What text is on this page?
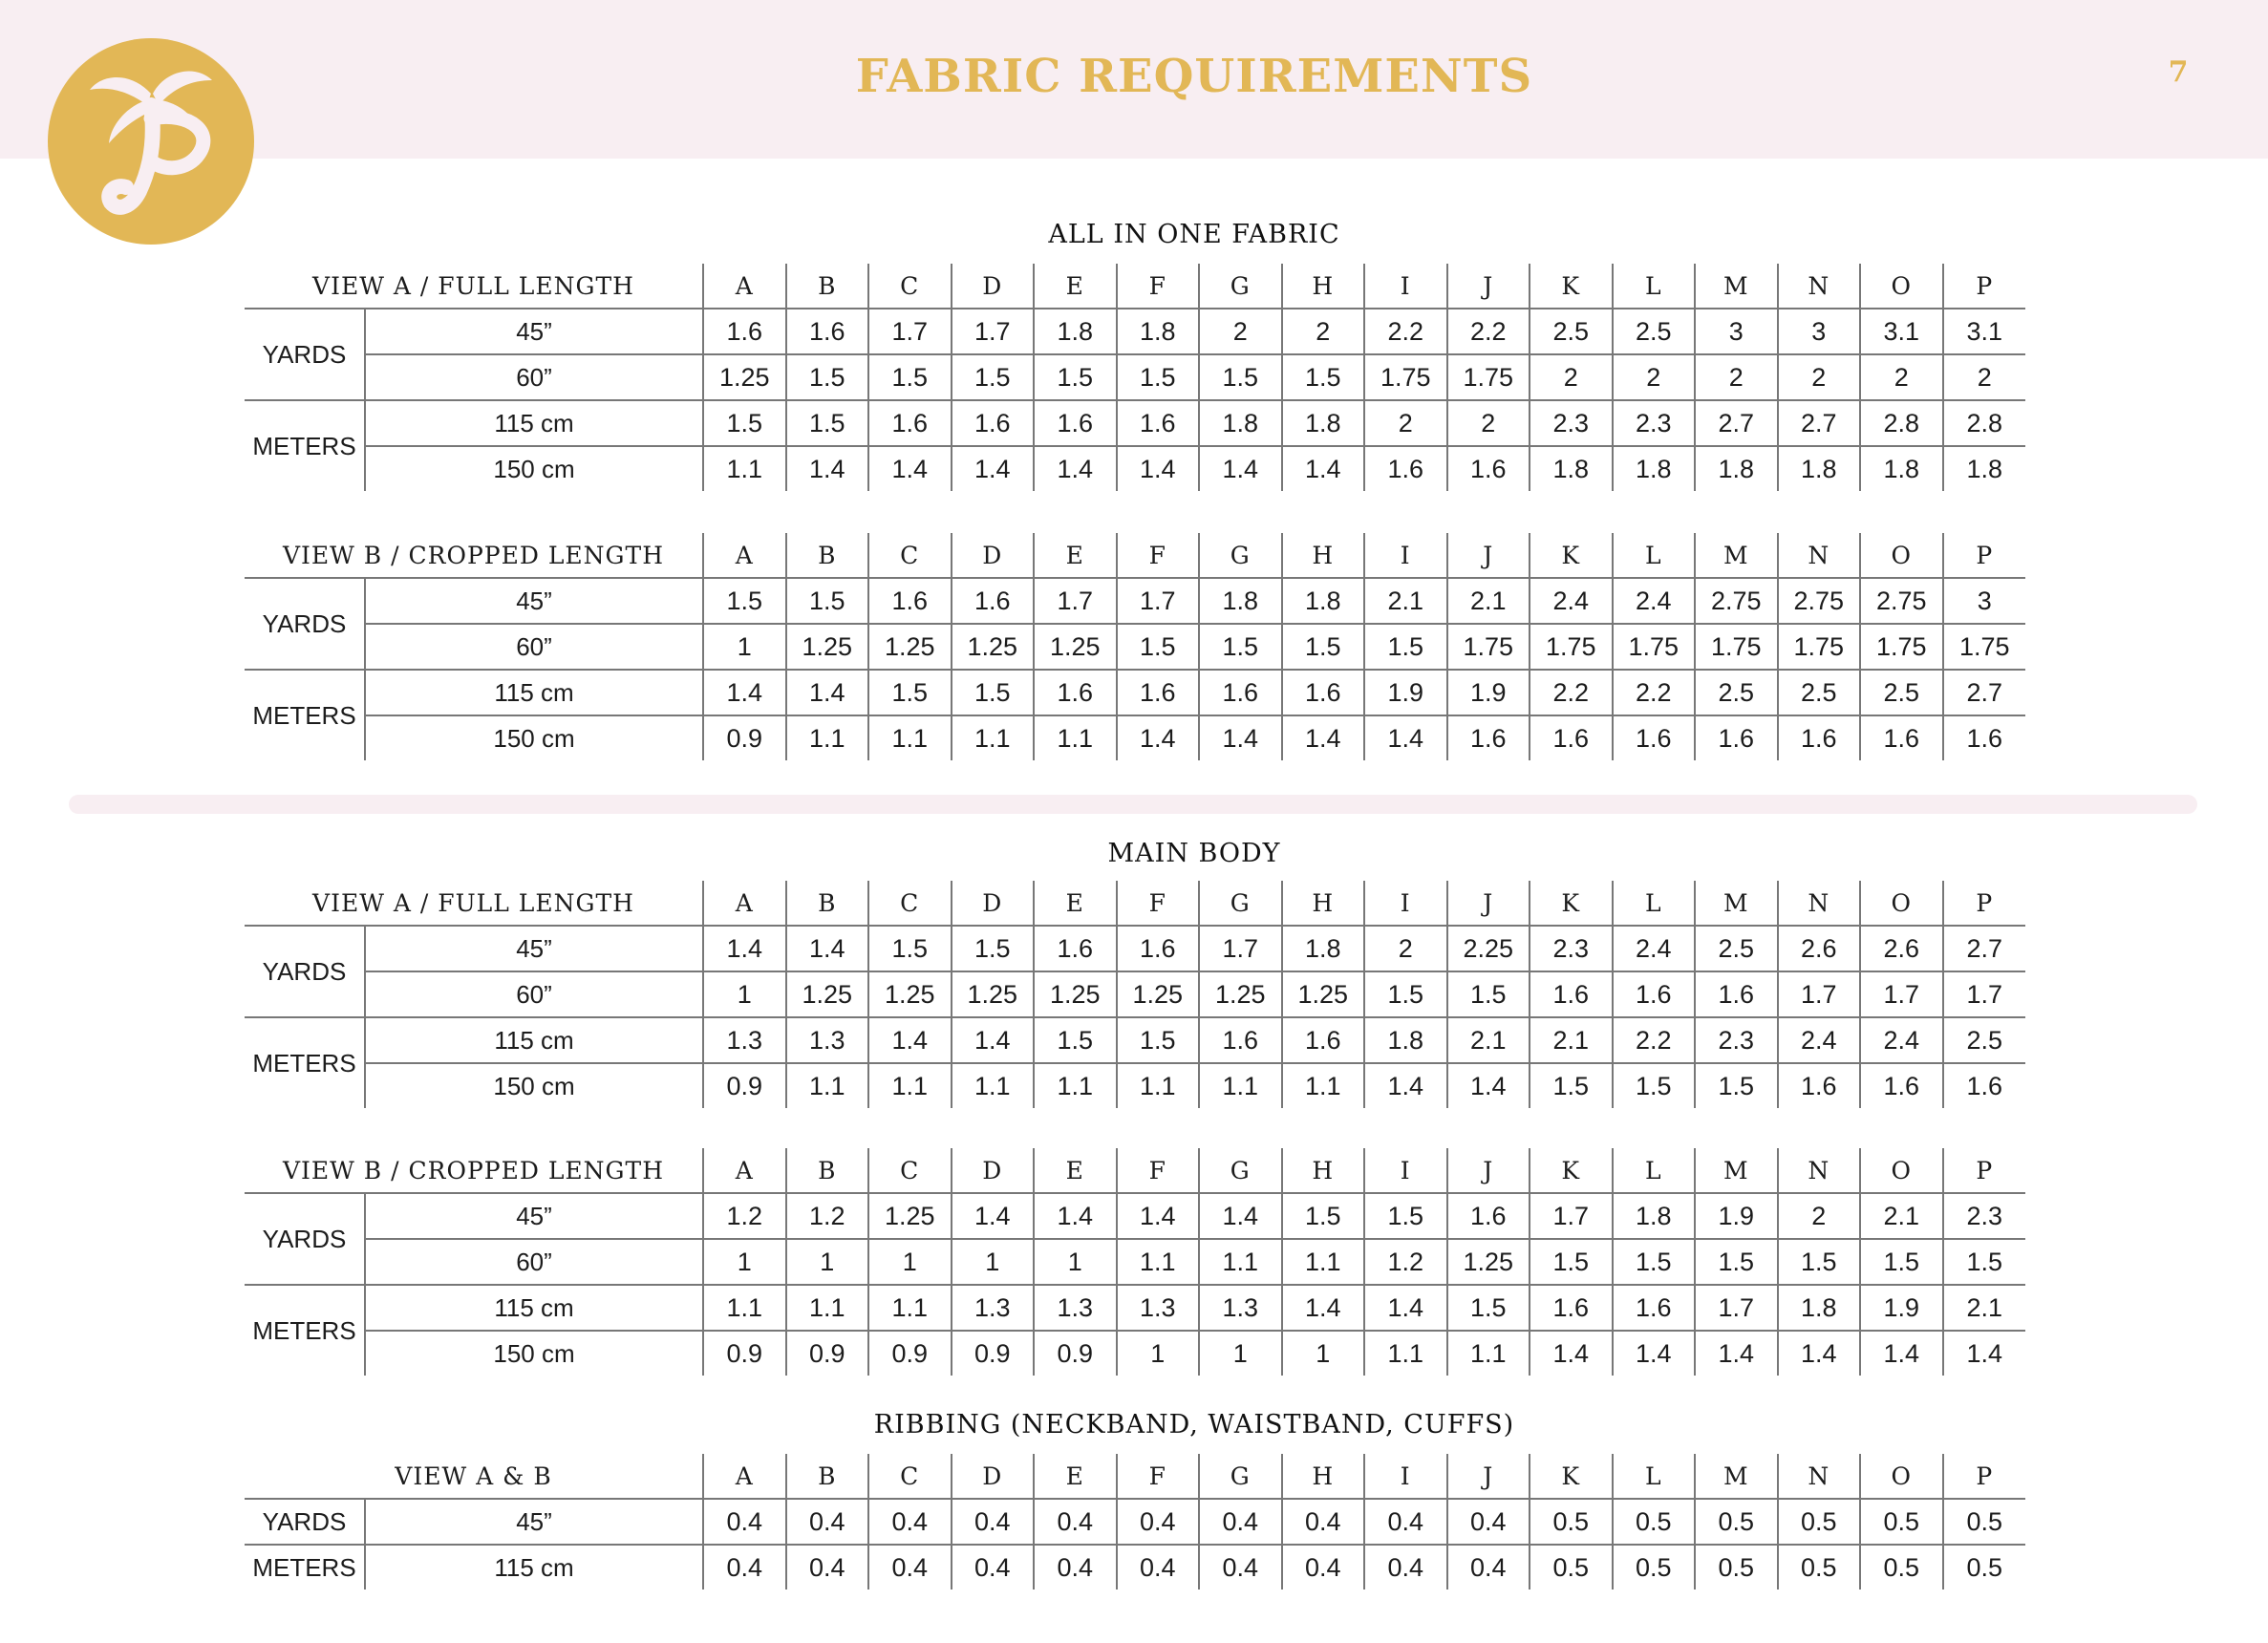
FABRIC REQUIREMENTS	7
ALL IN ONE FABRIC
VIEW A / FULL LENGTH		A	B	C	D	E	F	G	H	I	J	K	L	M	N	O	P
YARDS	45”	1.6	1.6	1.7	1.7	1.8	1.8	2	2	2.2	2.2	2.5	2.5	3	3	3.1	3.1
	60”	1.25	1.5	1.5	1.5	1.5	1.5	1.5	1.5	1.75	1.75	2	2	2	2	2	2
METERS	115 cm	1.5	1.5	1.6	1.6	1.6	1.6	1.8	1.8	2	2	2.3	2.3	2.7	2.7	2.8	2.8
	150 cm	1.1	1.4	1.4	1.4	1.4	1.4	1.4	1.4	1.6	1.6	1.8	1.8	1.8	1.8	1.8	1.8
VIEW B / CROPPED LENGTH		A	B	C	D	E	F	G	H	I	J	K	L	M	N	O	P
YARDS	45”	1.5	1.5	1.6	1.6	1.7	1.7	1.8	1.8	2.1	2.1	2.4	2.4	2.75	2.75	2.75	3
	60”	1	1.25	1.25	1.25	1.25	1.5	1.5	1.5	1.5	1.75	1.75	1.75	1.75	1.75	1.75	1.75
METERS	115 cm	1.4	1.4	1.5	1.5	1.6	1.6	1.6	1.6	1.9	1.9	2.2	2.2	2.5	2.5	2.5	2.7
	150 cm	0.9	1.1	1.1	1.1	1.1	1.4	1.4	1.4	1.4	1.6	1.6	1.6	1.6	1.6	1.6	1.6
MAIN BODY
VIEW A / FULL LENGTH		A	B	C	D	E	F	G	H	I	J	K	L	M	N	O	P
YARDS	45”	1.4	1.4	1.5	1.5	1.6	1.6	1.7	1.8	2	2.25	2.3	2.4	2.5	2.6	2.6	2.7
	60”	1	1.25	1.25	1.25	1.25	1.25	1.25	1.25	1.5	1.5	1.6	1.6	1.6	1.7	1.7	1.7
METERS	115 cm	1.3	1.3	1.4	1.4	1.5	1.5	1.6	1.6	1.8	2.1	2.1	2.2	2.3	2.4	2.4	2.5
	150 cm	0.9	1.1	1.1	1.1	1.1	1.1	1.1	1.1	1.4	1.4	1.5	1.5	1.5	1.6	1.6	1.6
VIEW B / CROPPED LENGTH		A	B	C	D	E	F	G	H	I	J	K	L	M	N	O	P
YARDS	45”	1.2	1.2	1.25	1.4	1.4	1.4	1.4	1.5	1.5	1.6	1.7	1.8	1.9	2	2.1	2.3
	60”	1	1	1	1	1	1.1	1.1	1.1	1.2	1.25	1.5	1.5	1.5	1.5	1.5	1.5
METERS	115 cm	1.1	1.1	1.1	1.3	1.3	1.3	1.3	1.4	1.4	1.5	1.6	1.6	1.7	1.8	1.9	2.1
	150 cm	0.9	0.9	0.9	0.9	0.9	1	1	1	1.1	1.1	1.4	1.4	1.4	1.4	1.4	1.4
RIBBING (NECKBAND, WAISTBAND, CUFFS)
VIEW A & B		A	B	C	D	E	F	G	H	I	J	K	L	M	N	O	P
YARDS	45”	0.4	0.4	0.4	0.4	0.4	0.4	0.4	0.4	0.4	0.4	0.5	0.5	0.5	0.5	0.5	0.5
METERS	115 cm	0.4	0.4	0.4	0.4	0.4	0.4	0.4	0.4	0.4	0.4	0.5	0.5	0.5	0.5	0.5	0.5
